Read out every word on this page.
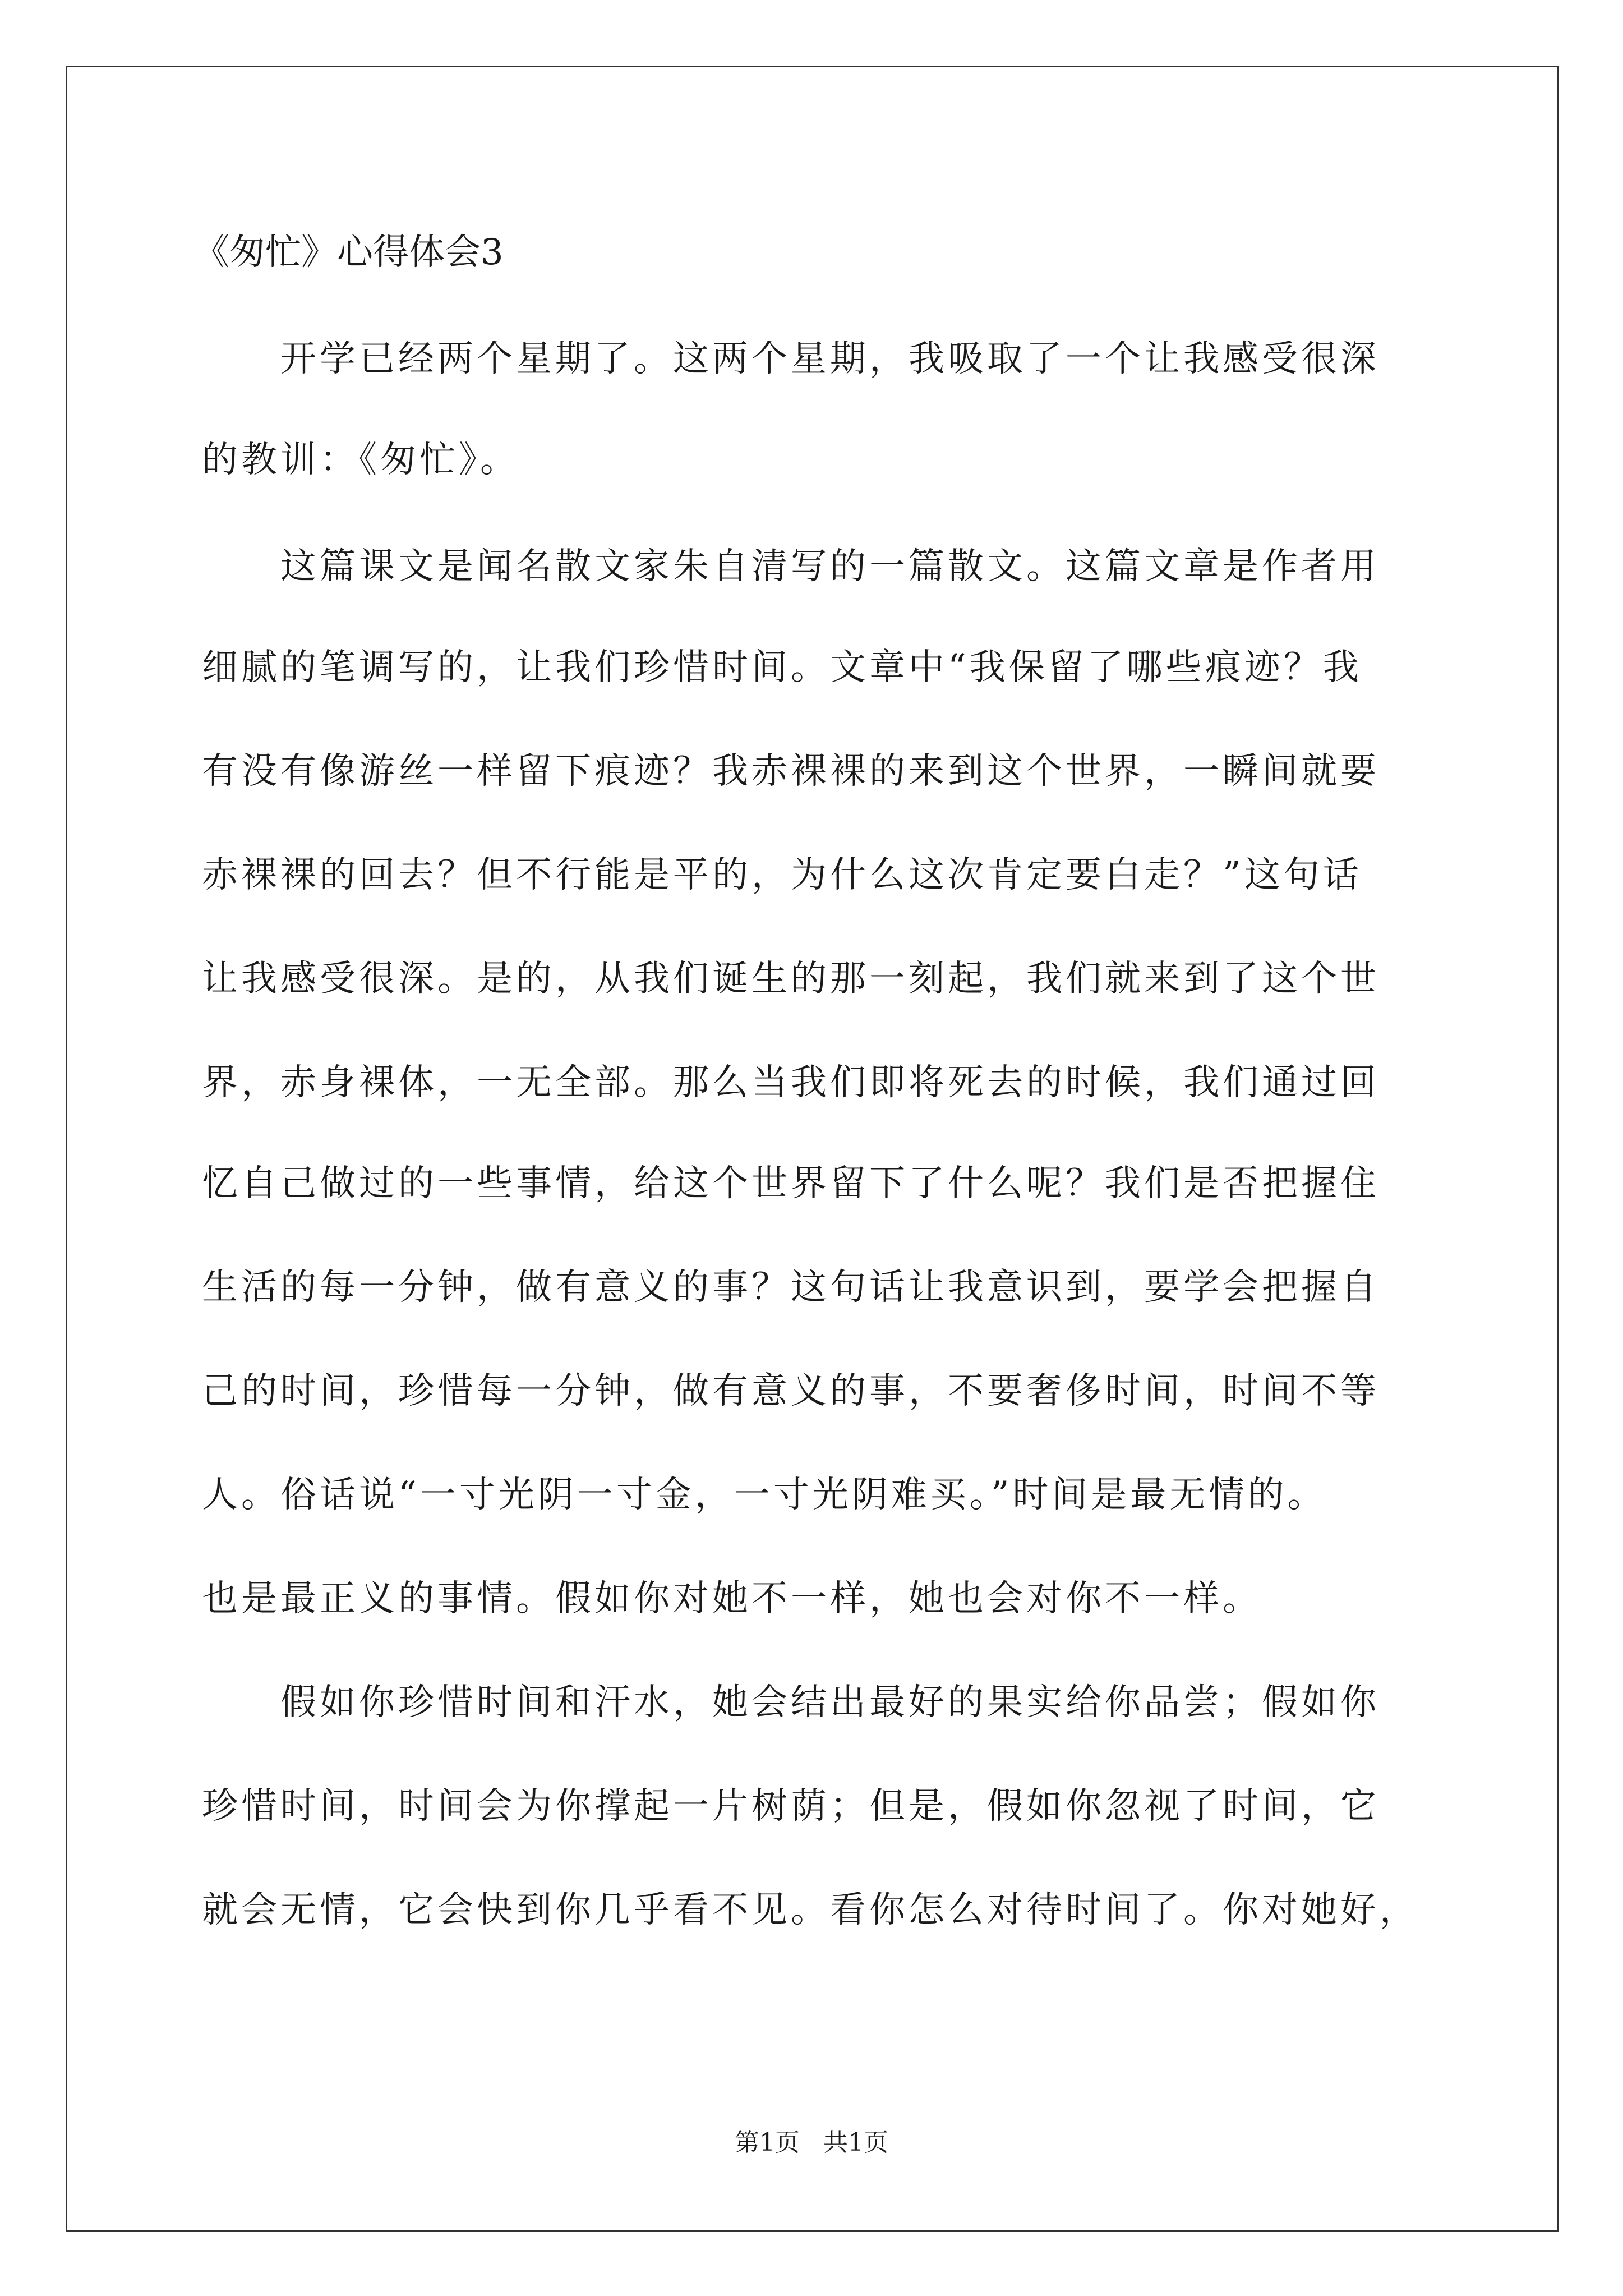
《匆忙》心得体会3

开学已经两个星期了。这两个星期，我吸取了一个让我感受很深

的教训：《匆忙》。

这篇课文是闻名散文家朱自清写的一篇散文。这篇文章是作者用

细腻的笔调写的，让我们珍惜时间。文章中“我保留了哪些痕迹？我

有没有像游丝一样留下痕迹？我赤裸裸的来到这个世界，一瞬间就要

赤裸裸的回去？但不行能是平的，为什么这次肯定要白走？”这句话

让我感受很深。是的，从我们诞生的那一刻起，我们就来到了这个世

界，赤身裸体，一无全部。那么当我们即将死去的时候，我们通过回

忆自己做过的一些事情，给这个世界留下了什么呢？我们是否把握住

生活的每一分钟，做有意义的事？这句话让我意识到，要学会把握自

己的时间，珍惜每一分钟，做有意义的事，不要奢侈时间，时间不等

人。俗话说“一寸光阴一寸金，一寸光阴难买。”时间是最无情的。

也是最正义的事情。假如你对她不一样，她也会对你不一样。

假如你珍惜时间和汗水，她会结出最好的果实给你品尝；假如你

珍惜时间，时间会为你撑起一片树荫；但是，假如你忽视了时间，它

就会无情，它会快到你几乎看不见。看你怎么对待时间了。你对她好，

第1页   共1页
